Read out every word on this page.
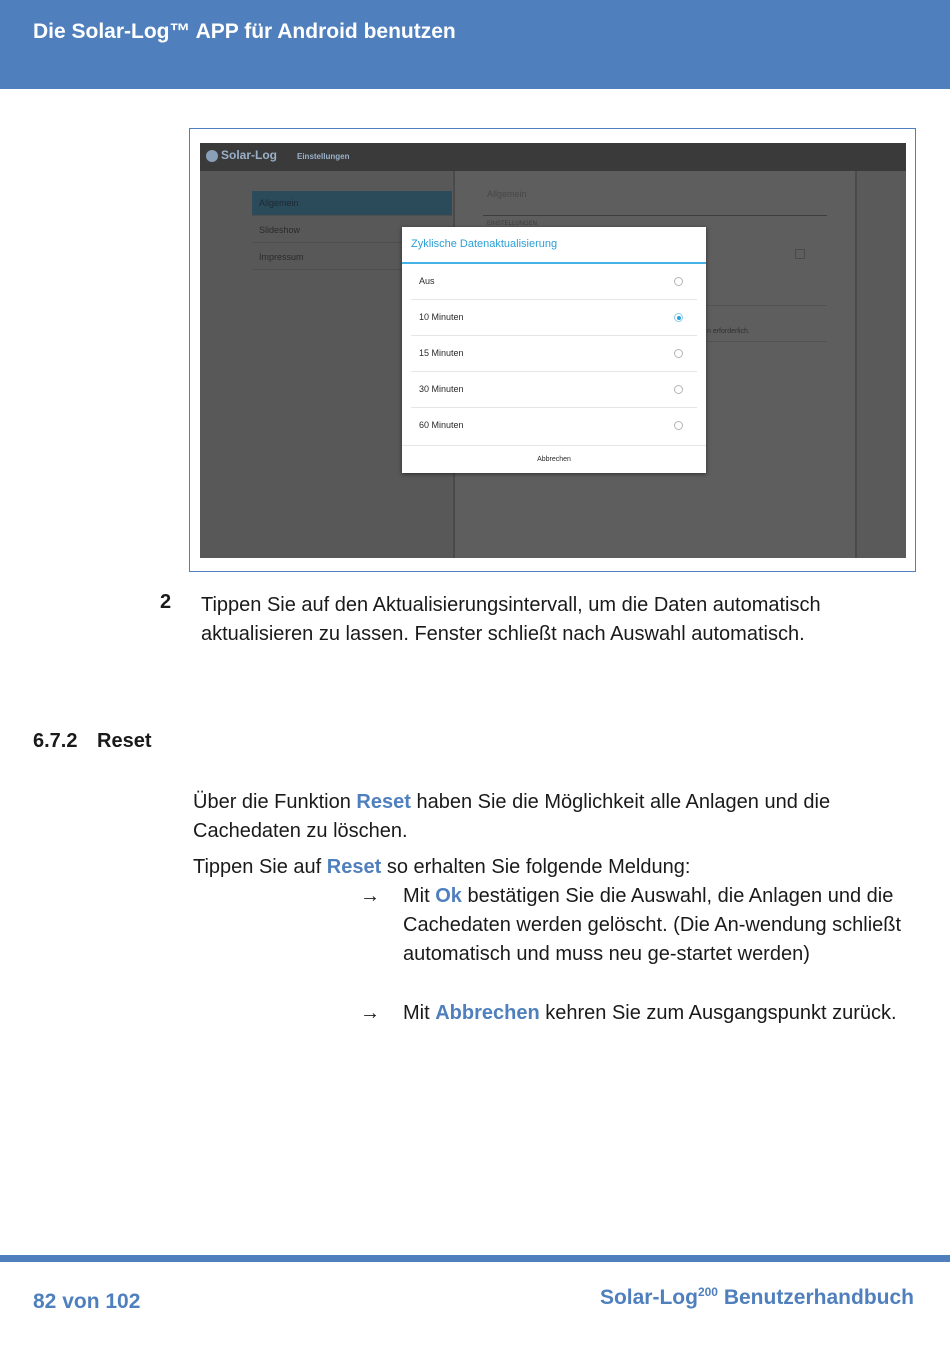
Die Solar-Log™ APP für Android benutzen
Solar-Log	Einstellungen
Allgemein
Slideshow
Impressum
Allgemein
EINSTELLUNGEN
n erforderlich.
Zyklische Datenaktualisierung
Aus
10 Minuten
15 Minuten
30 Minuten
60 Minuten
Abbrechen
2 Tippen Sie auf den Aktualisierungsintervall, um die Daten automatisch aktualisieren zu lassen. Fenster schließt nach Auswahl automatisch.
6.7.2 Reset
Über die Funktion Reset haben Sie die Möglichkeit alle Anlagen und die Cachedaten zu löschen.
Tippen Sie auf Reset so erhalten Sie folgende Meldung:
→ Mit Ok bestätigen Sie die Auswahl, die Anlagen und die Cachedaten werden gelöscht. (Die An-wendung schließt automatisch und muss neu ge-startet werden)
→ Mit Abbrechen kehren Sie zum Ausgangspunkt zurück.
82 von 102	Solar-Log$^{200}$ Benutzerhandbuch
